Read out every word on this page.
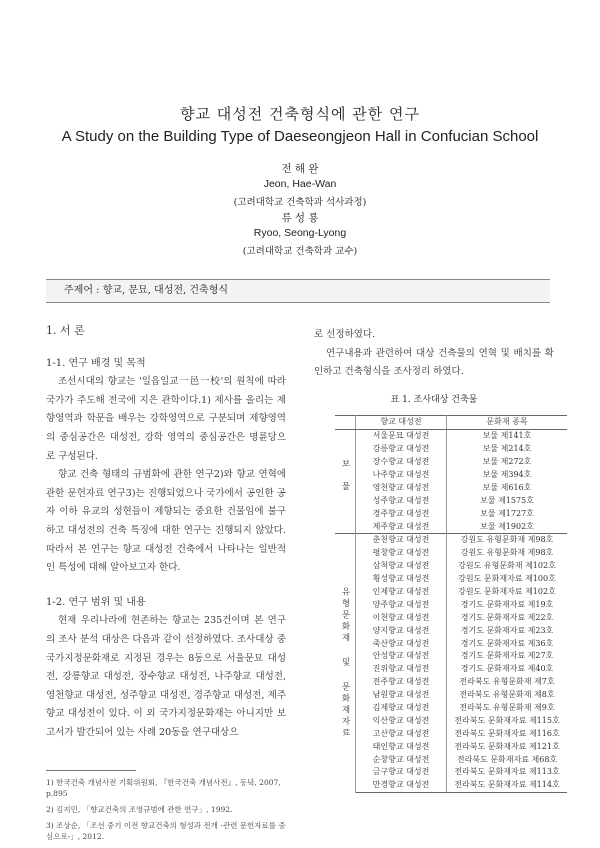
향교 대성전 건축형식에 관한 연구
A Study on the Building Type of Daeseongjeon Hall in Confucian School
전 해 완
Jeon, Hae-Wan
(고려대학교 건축학과 석사과정)
류 성 룡
Ryoo, Seong-Lyong
(고려대학교 건축학과 교수)
주제어 : 향교, 문묘, 대성전, 건축형식
1. 서 론
1-1. 연구 배경 및 목적

조선시대의 향교는 '일읍일교一邑一校'의 원칙에 따라 국가가 주도해 전국에 지은 관학이다.1) 제사를 올리는 제향영역과 학문을 배우는 강학영역으로 구분되며 제향영역의 중심공간은 대성전, 강학 영역의 중심공간은 명륜당으로 구성된다.

향교 건축 형태의 규범화에 관한 연구2)와 향교 연혁에 관한 문헌자료 연구3)는 진행되었으나 국가에서 공인한 공자 이하 유교의 성현들이 제향되는 중요한 건물임에 불구하고 대성전의 건축 특징에 대한 연구는 진행되지 않았다. 따라서 본 연구는 향교 대성전 건축에서 나타나는 일반적인 특성에 대해 알아보고자 한다.

1-2. 연구 범위 및 내용

현재 우리나라에 현존하는 향교는 235건이며 본 연구의 조사 분석 대상은 다음과 같이 선정하였다. 조사대상 중 국가지정문화재로 지정된 경우는 8동으로 서울문묘 대성전, 강릉향교 대성전, 장수향교 대성전, 나주향교 대성전, 영천향교 대성전, 성주향교 대성전, 경주향교 대성전, 제주향교 대성전이 있다. 이 외 국가지정문화재는 아니지만 보고서가 발간되어 있는 사례 20동을 연구대상으

1) 한국건축 개념사전 기획위원회, 『한국건축 개념사전』, 동녘, 2007, p.895
2) 김지민, 「향교건축의 조영규범에 관한 연구」, 1992.
3) 조상순, 「조선 중기 이전 향교건축의 형성과 전개 -관련 문헌자료를 중심으로-」, 2012.

로 선정하였다.

연구내용과 관련하여 대상 건축물의 연혁 및 배치를 확인하고 건축형식을 조사정리 하였다.

표 1. 조사대상 건축물
	향교 대성전	문화재 종목
보물	서울문묘 대성전	보물 제141호
	강릉향교 대성전	보물 제214호
	장수향교 대성전	보물 제272호
	나주향교 대성전	보물 제394호
	영천향교 대성전	보물 제616호
	성주향교 대성전	보물 제1575호
	경주향교 대성전	보물 제1727호
	제주향교 대성전	보물 제1902호
유형문화재 및 문화재자료	춘천향교 대성전	강원도 유형문화재 제98호
	평창향교 대성전	강원도 유형문화재 제98호
	삼척향교 대성전	강원도 유형문화재 제102호
	횡성향교 대성전	강원도 문화재자료 제100호
	인제향교 대성전	강원도 문화재자료 제102호
	양주향교 대성전	경기도 문화재자료 제19호
	이천향교 대성전	경기도 문화재자료 제22호
	양지향교 대성전	경기도 문화재자료 제23호
	죽산향교 대성전	경기도 문화재자료 제36호
	안성향교 대성전	경기도 문화재자료 제27호
	진위향교 대성전	경기도 문화재자료 제40호
	전주향교 대성전	전라북도 유형문화재 제7호
	남원향교 대성전	전라북도 유형문화재 제8호
	김제향교 대성전	전라북도 유형문화재 제9호
	익산향교 대성전	전라북도 문화재자료 제115호
	고산향교 대성전	전라북도 문화재자료 제116호
	태인향교 대성전	전라북도 문화재자료 제121호
	순창향교 대성전	전라북도 문화재자료 제68호
	금구향교 대성전	전라북도 문화재자료 제113호
	만경향교 대성전	전라북도 문화재자료 제114호
